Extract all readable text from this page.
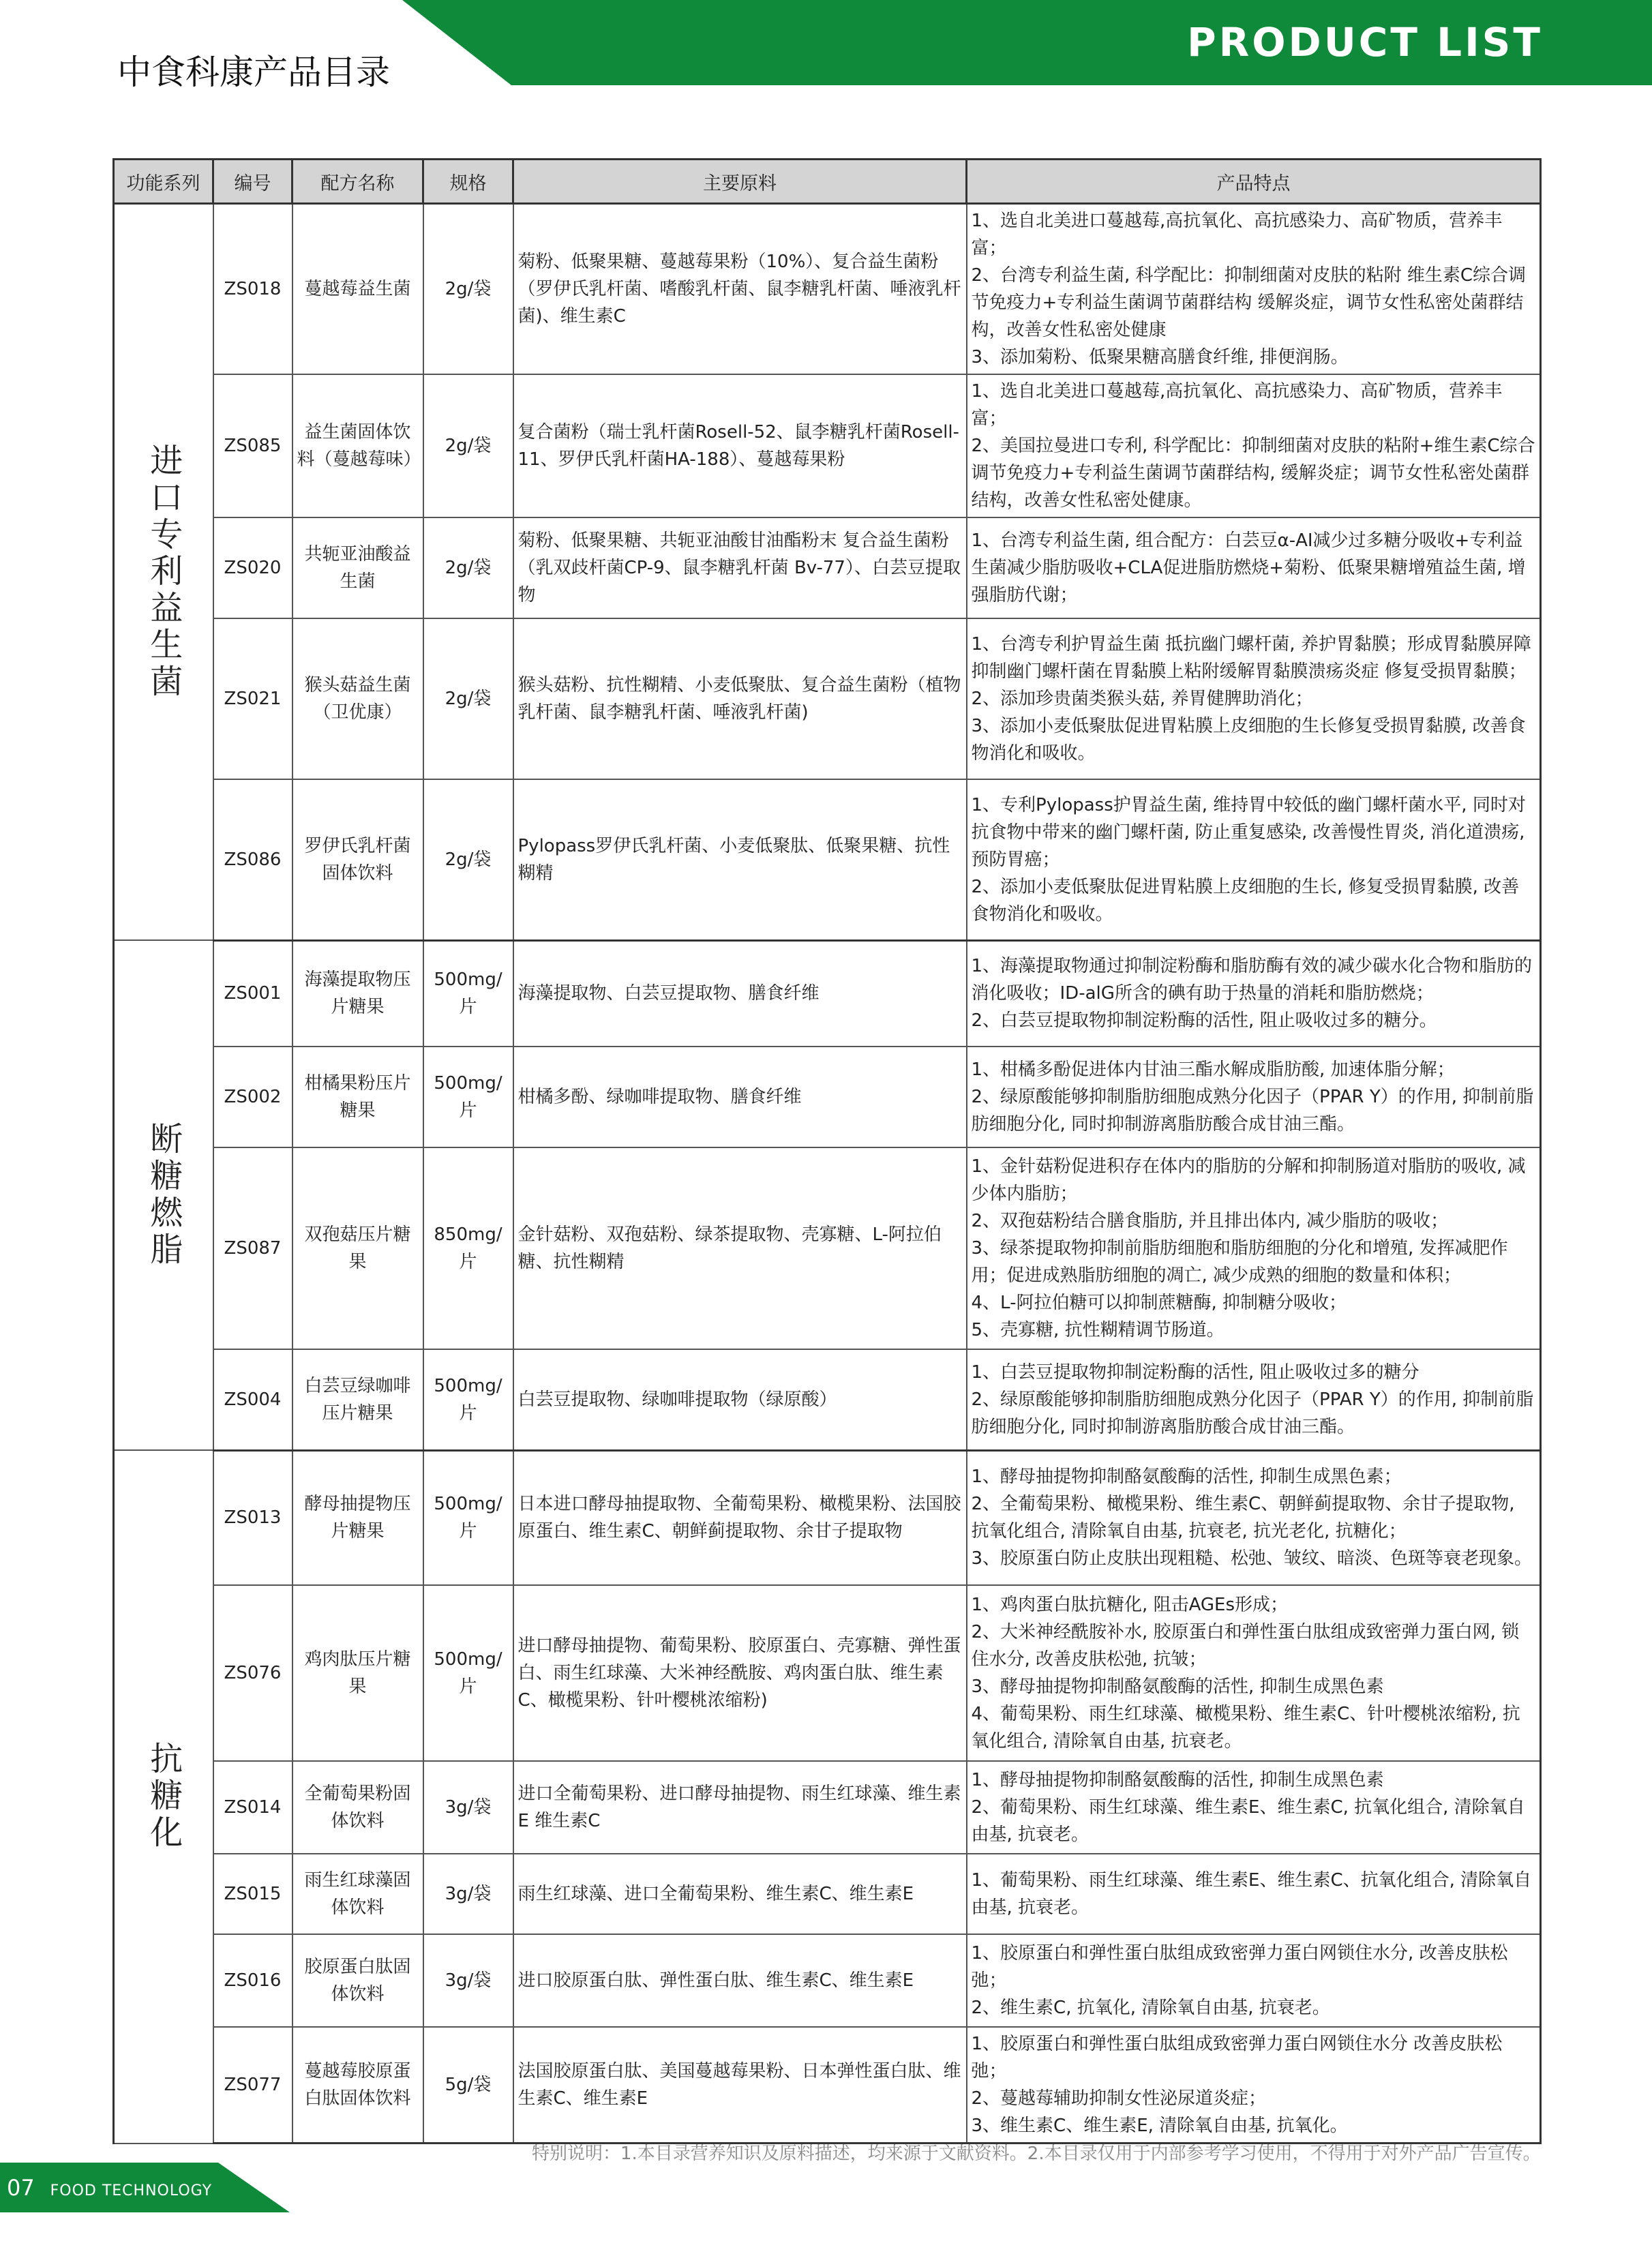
PRODUCT LIST
中食科康产品目录
功能系列	编号	配方名称	规格	主要原料	产品特点
进口专利益生菌	ZS018	蔓越莓益生菌	2g/袋	菊粉、低聚果糖、蔓越莓果粉（10%）、复合益生菌粉（罗伊氏乳杆菌、嗜酸乳杆菌、鼠李糖乳杆菌、唾液乳杆菌)、维生素C	1、选自北美进口蔓越莓,高抗氧化、高抗感染力、高矿物质，营养丰富；
2、台湾专利益生菌, 科学配比：抑制细菌对皮肤的粘附 维生素C综合调节免疫力+专利益生菌调节菌群结构 缓解炎症，调节女性私密处菌群结构，改善女性私密处健康
3、添加菊粉、低聚果糖高膳食纤维, 排便润肠。

	ZS085	益生菌固体饮料（蔓越莓味）	2g/袋	复合菌粉（瑞士乳杆菌Rosell-52、鼠李糖乳杆菌Rosell-11、罗伊氏乳杆菌HA-188）、蔓越莓果粉	1、选自北美进口蔓越莓,高抗氧化、高抗感染力、高矿物质，营养丰富；
2、美国拉曼进口专利, 科学配比：抑制细菌对皮肤的粘附+维生素C综合调节免疫力+专利益生菌调节菌群结构, 缓解炎症；调节女性私密处菌群结构，改善女性私密处健康。

	ZS020	共轭亚油酸益生菌	2g/袋	菊粉、低聚果糖、共轭亚油酸甘油酯粉末 复合益生菌粉（乳双歧杆菌CP-9、鼠李糖乳杆菌 Bv-77）、白芸豆提取物	1、台湾专利益生菌, 组合配方：白芸豆α-AI减少过多糖分吸收+专利益生菌减少脂肪吸收+CLA促进脂肪燃烧+菊粉、低聚果糖增殖益生菌, 增强脂肪代谢；

	ZS021	猴头菇益生菌（卫优康）	2g/袋	猴头菇粉、抗性糊精、小麦低聚肽、复合益生菌粉（植物乳杆菌、鼠李糖乳杆菌、唾液乳杆菌)	1、台湾专利护胃益生菌 抵抗幽门螺杆菌, 养护胃黏膜；形成胃黏膜屏障抑制幽门螺杆菌在胃黏膜上粘附缓解胃黏膜溃疡炎症 修复受损胃黏膜；
2、添加珍贵菌类猴头菇, 养胃健脾助消化；
3、添加小麦低聚肽促进胃粘膜上皮细胞的生长修复受损胃黏膜, 改善食物消化和吸收。

	ZS086	罗伊氏乳杆菌固体饮料	2g/袋	Pylopass罗伊氏乳杆菌、小麦低聚肽、低聚果糖、抗性糊精	1、专利Pylopass护胃益生菌, 维持胃中较低的幽门螺杆菌水平, 同时对抗食物中带来的幽门螺杆菌, 防止重复感染, 改善慢性胃炎, 消化道溃疡, 预防胃癌；
2、添加小麦低聚肽促进胃粘膜上皮细胞的生长, 修复受损胃黏膜, 改善食物消化和吸收。

断糖燃脂	ZS001	海藻提取物压片糖果	500mg/片	海藻提取物、白芸豆提取物、膳食纤维	1、海藻提取物通过抑制淀粉酶和脂肪酶有效的减少碳水化合物和脂肪的消化吸收；ID-alG所含的碘有助于热量的消耗和脂肪燃烧；
2、白芸豆提取物抑制淀粉酶的活性, 阻止吸收过多的糖分。

	ZS002	柑橘果粉压片糖果	500mg/片	柑橘多酚、绿咖啡提取物、膳食纤维	1、柑橘多酚促进体内甘油三酯水解成脂肪酸, 加速体脂分解；
2、绿原酸能够抑制脂肪细胞成熟分化因子（PPAR Y）的作用, 抑制前脂肪细胞分化, 同时抑制游离脂肪酸合成甘油三酯。

	ZS087	双孢菇压片糖果	850mg/片	金针菇粉、双孢菇粉、绿茶提取物、壳寡糖、L-阿拉伯糖、抗性糊精	1、金针菇粉促进积存在体内的脂肪的分解和抑制肠道对脂肪的吸收, 减少体内脂肪；
2、双孢菇粉结合膳食脂肪, 并且排出体内, 减少脂肪的吸收；
3、绿茶提取物抑制前脂肪细胞和脂肪细胞的分化和增殖, 发挥减肥作用；促进成熟脂肪细胞的凋亡, 减少成熟的细胞的数量和体积；
4、L-阿拉伯糖可以抑制蔗糖酶, 抑制糖分吸收；
5、壳寡糖, 抗性糊精调节肠道。

	ZS004	白芸豆绿咖啡压片糖果	500mg/片	白芸豆提取物、绿咖啡提取物（绿原酸）	1、白芸豆提取物抑制淀粉酶的活性, 阻止吸收过多的糖分
2、绿原酸能够抑制脂肪细胞成熟分化因子（PPAR Y）的作用, 抑制前脂肪细胞分化, 同时抑制游离脂肪酸合成甘油三酯。

抗糖化	ZS013	酵母抽提物压片糖果	500mg/片	日本进口酵母抽提取物、全葡萄果粉、橄榄果粉、法国胶原蛋白、维生素C、朝鲜蓟提取物、余甘子提取物	1、酵母抽提物抑制酪氨酸酶的活性, 抑制生成黑色素；
2、全葡萄果粉、橄榄果粉、维生素C、朝鲜蓟提取物、余甘子提取物, 抗氧化组合, 清除氧自由基, 抗衰老, 抗光老化, 抗糖化；
3、胶原蛋白防止皮肤出现粗糙、松弛、皱纹、暗淡、色斑等衰老现象。

	ZS076	鸡肉肽压片糖果	500mg/片	进口酵母抽提物、葡萄果粉、胶原蛋白、壳寡糖、弹性蛋白、雨生红球藻、大米神经酰胺、鸡肉蛋白肽、维生素C、橄榄果粉、针叶樱桃浓缩粉)	1、鸡肉蛋白肽抗糖化, 阻击AGEs形成；
2、大米神经酰胺补水, 胶原蛋白和弹性蛋白肽组成致密弹力蛋白网, 锁住水分, 改善皮肤松弛, 抗皱；
3、酵母抽提物抑制酪氨酸酶的活性, 抑制生成黑色素
4、葡萄果粉、雨生红球藻、橄榄果粉、维生素C、针叶樱桃浓缩粉, 抗氧化组合, 清除氧自由基, 抗衰老。

	ZS014	全葡萄果粉固体饮料	3g/袋	进口全葡萄果粉、进口酵母抽提物、雨生红球藻、维生素E 维生素C	1、酵母抽提物抑制酪氨酸酶的活性, 抑制生成黑色素
2、葡萄果粉、雨生红球藻、维生素E、维生素C, 抗氧化组合, 清除氧自由基, 抗衰老。

	ZS015	雨生红球藻固体饮料	3g/袋	雨生红球藻、进口全葡萄果粉、维生素C、维生素E	1、葡萄果粉、雨生红球藻、维生素E、维生素C、抗氧化组合, 清除氧自由基, 抗衰老。

	ZS016	胶原蛋白肽固体饮料	3g/袋	进口胶原蛋白肽、弹性蛋白肽、维生素C、维生素E	1、胶原蛋白和弹性蛋白肽组成致密弹力蛋白网锁住水分, 改善皮肤松弛；
2、维生素C, 抗氧化, 清除氧自由基, 抗衰老。

	ZS077	蔓越莓胶原蛋白肽固体饮料	5g/袋	法国胶原蛋白肽、美国蔓越莓果粉、日本弹性蛋白肽、维生素C、维生素E	1、胶原蛋白和弹性蛋白肽组成致密弹力蛋白网锁住水分 改善皮肤松弛；
2、蔓越莓辅助抑制女性泌尿道炎症；
3、维生素C、维生素E, 清除氧自由基, 抗氧化。
特别说明：1.本目录营养知识及原料描述，均来源于文献资料。2.本目录仅用于内部参考学习使用，不得用于对外产品广告宣传。
07 FOOD TECHNOLOGY
